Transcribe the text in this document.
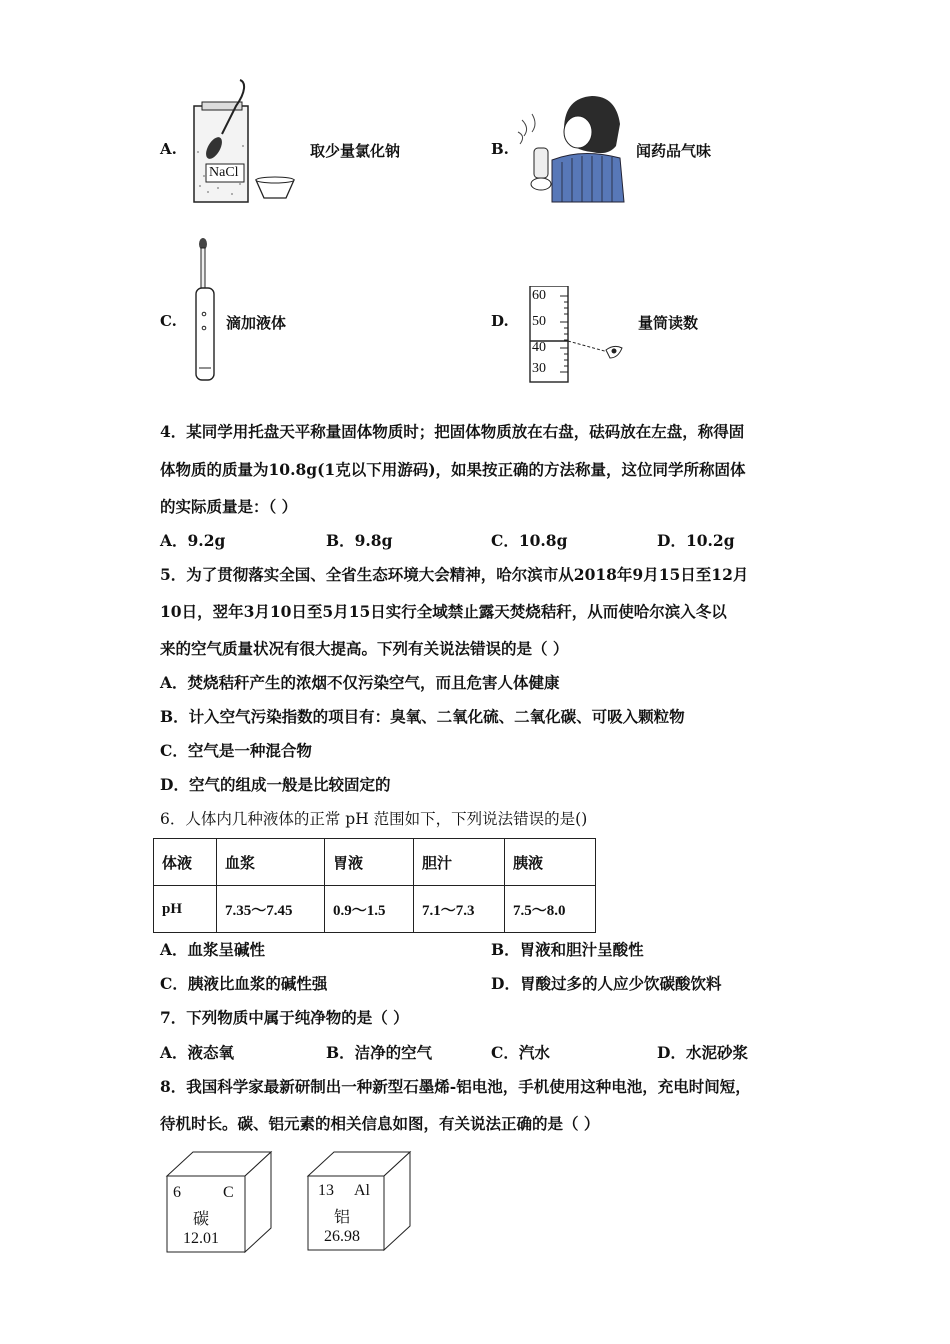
A.
NaCl
取少量氯化钠	B.	闻药品气味
C.	滴加液体	D.
60
50
40
30
量筒读数
4．某同学用托盘天平称量固体物质时；把固体物质放在右盘，砝码放在左盘，称得固
体物质的质量为10.8g(1克以下用游码)，如果按正确的方法称量，这位同学所称固体
的实际质量是：（ ）
A．9.2g	B．9.8g	C．10.8g	D．10.2g
5．为了贯彻落实全国、全省生态环境大会精神，哈尔滨市从2018年9月15日至12月
10日，翌年3月10日至5月15日实行全域禁止露天焚烧秸秆，从而使哈尔滨入冬以
来的空气质量状况有很大提高。下列有关说法错误的是（ ）
A．焚烧秸秆产生的浓烟不仅污染空气，而且危害人体健康
B．计入空气污染指数的项目有：臭氧、二氧化硫、二氧化碳、可吸入颗粒物
C．空气是一种混合物
D．空气的组成一般是比较固定的
6．人体内几种液体的正常 pH 范围如下，下列说法错误的是()
体液	血浆	胃液	胆汁	胰液
pH	7.35～7.45	0.9～1.5	7.1～7.3	7.5～8.0
A．血浆呈碱性	B．胃液和胆汁呈酸性
C．胰液比血浆的碱性强	D．胃酸过多的人应少饮碳酸饮料
7．下列物质中属于纯净物的是（ ）
A．液态氧	B．洁净的空气	C．汽水	D．水泥砂浆
8．我国科学家最新研制出一种新型石墨烯-铝电池，手机使用这种电池，充电时间短，
待机时长。碳、铝元素的相关信息如图，有关说法正确的是（ ）
6	C
碳
12.01
13 Al
铝
26.98
